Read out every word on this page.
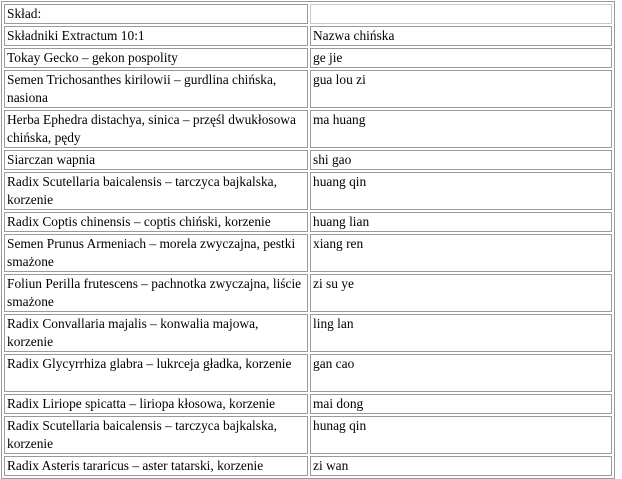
Skład:	
Składniki Extractum 10:1	Nazwa chińska
Tokay Gecko – gekon pospolity	ge jie
Semen Trichosanthes kirilowii – gurdlina chińska, nasiona	gua lou zi
Herba Ephedra distachya, sinica – przęśl dwukłosowa chińska, pędy	ma huang
Siarczan wapnia	shi gao
Radix Scutellaria baicalensis – tarczyca bajkalska, korzenie	huang qin
Radix Coptis chinensis – coptis chiński, korzenie	huang lian
Semen Prunus Armeniach – morela zwyczajna, pestki smażone	xiang ren
Foliun Perilla frutescens – pachnotka zwyczajna, liście smażone	zi su ye
Radix Convallaria majalis – konwalia majowa, korzenie	ling lan
Radix Glycyrrhiza glabra – lukrceja gładka, korzenie	gan cao
Radix Liriope spicatta – liriopa kłosowa, korzenie	mai dong
Radix Scutellaria baicalensis – tarczyca bajkalska, korzenie	hunag qin
Radix Asteris tararicus – aster tatarski, korzenie	zi wan
